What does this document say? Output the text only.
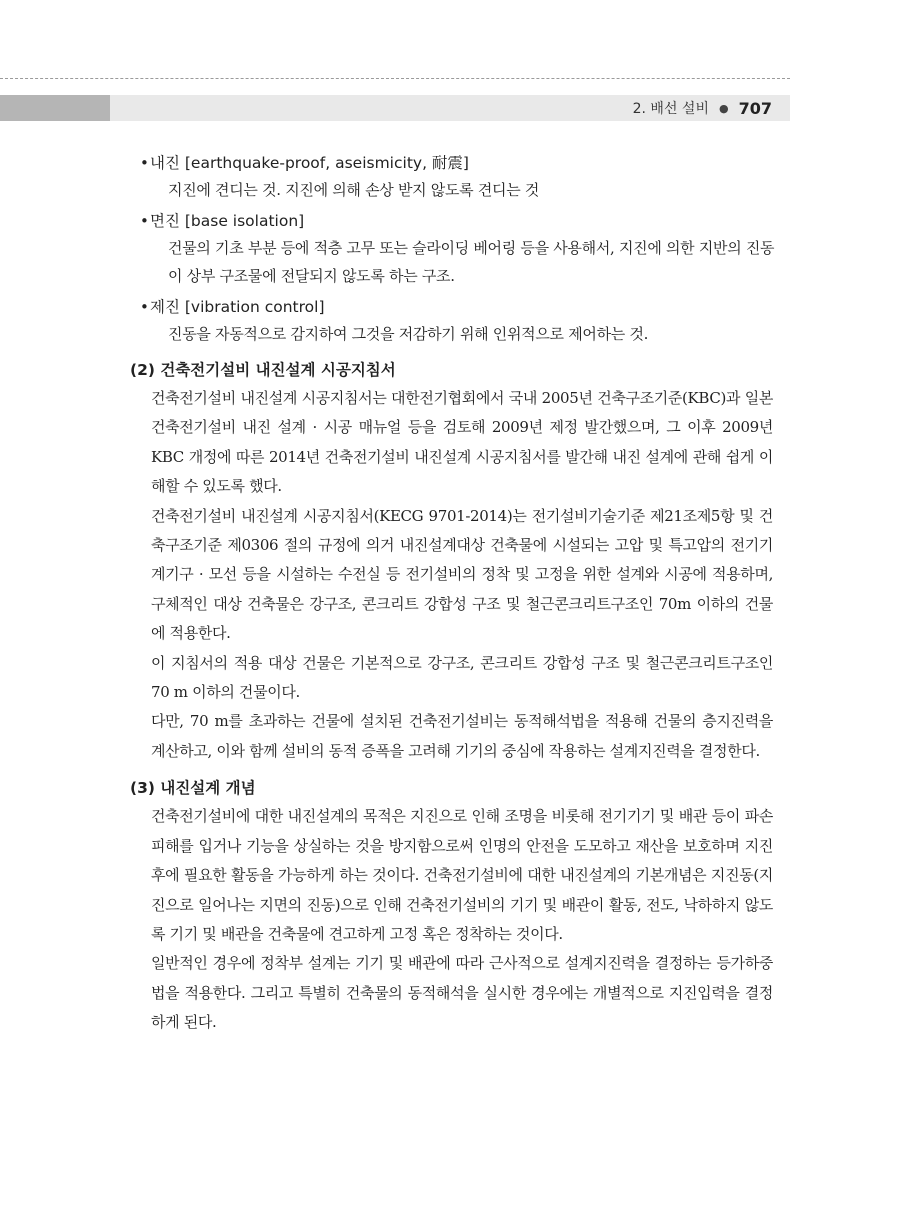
2. 배선 설비 ● 707
• 내진 [earthquake-proof, aseismicity, 耐震]
지진에 견디는 것. 지진에 의해 손상 받지 않도록 견디는 것
• 면진 [base isolation]
건물의 기초 부분 등에 적층 고무 또는 슬라이딩 베어링 등을 사용해서, 지진에 의한 지반의 진동이 상부 구조물에 전달되지 않도록 하는 구조.
• 제진 [vibration control]
진동을 자동적으로 감지하여 그것을 저감하기 위해 인위적으로 제어하는 것.
(2) 건축전기설비 내진설계 시공지침서
건축전기설비 내진설계 시공지침서는 대한전기협회에서 국내 2005년 건축구조기준(KBC)과 일본 건축전기설비 내진 설계 · 시공 매뉴얼 등을 검토해 2009년 제정 발간했으며, 그 이후 2009년 KBC 개정에 따른 2014년 건축전기설비 내진설계 시공지침서를 발간해 내진 설계에 관해 쉽게 이해할 수 있도록 했다.
건축전기설비 내진설계 시공지침서(KECG 9701-2014)는 전기설비기술기준 제21조제5항 및 건축구조기준 제0306 절의 규정에 의거 내진설계대상 건축물에 시설되는 고압 및 특고압의 전기기계기구 · 모선 등을 시설하는 수전실 등 전기설비의 정착 및 고정을 위한 설계와 시공에 적용하며, 구체적인 대상 건축물은 강구조, 콘크리트 강합성 구조 및 철근콘크리트구조인 70m 이하의 건물에 적용한다.
이 지침서의 적용 대상 건물은 기본적으로 강구조, 콘크리트 강합성 구조 및 철근콘크리트구조인 70 m 이하의 건물이다.
다만, 70 m를 초과하는 건물에 설치된 건축전기설비는 동적해석법을 적용해 건물의 층지진력을 계산하고, 이와 함께 설비의 동적 증폭을 고려해 기기의 중심에 작용하는 설계지진력을 결정한다.
(3) 내진설계 개념
건축전기설비에 대한 내진설계의 목적은 지진으로 인해 조명을 비롯해 전기기기 및 배관 등이 파손 피해를 입거나 기능을 상실하는 것을 방지함으로써 인명의 안전을 도모하고 재산을 보호하며 지진 후에 필요한 활동을 가능하게 하는 것이다. 건축전기설비에 대한 내진설계의 기본개념은 지진동(지진으로 일어나는 지면의 진동)으로 인해 건축전기설비의 기기 및 배관이 활동, 전도, 낙하하지 않도록 기기 및 배관을 건축물에 견고하게 고정 혹은 정착하는 것이다.
일반적인 경우에 정착부 설계는 기기 및 배관에 따라 근사적으로 설계지진력을 결정하는 등가하중법을 적용한다. 그리고 특별히 건축물의 동적해석을 실시한 경우에는 개별적으로 지진입력을 결정하게 된다.
